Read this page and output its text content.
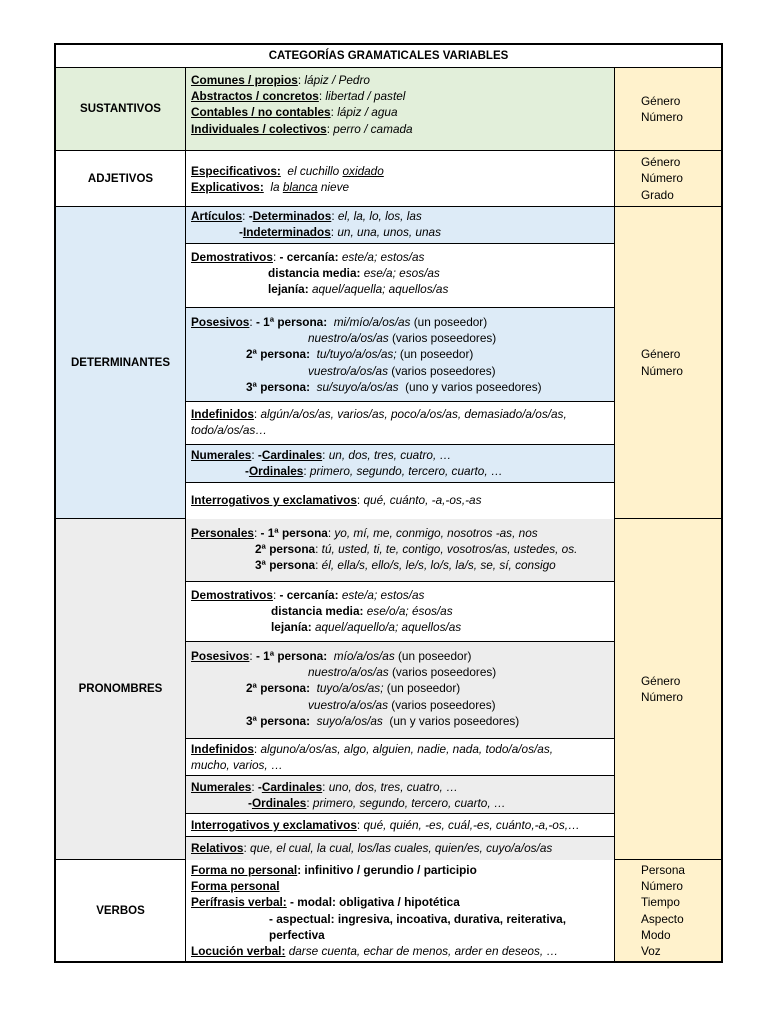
CATEGORÍAS GRAMATICALES VARIABLES
SUSTANTIVOS
Comunes / propios: lápiz / Pedro
Abstractos / concretos: libertad / pastel
Contables / no contables: lápiz / agua
Individuales / colectivos: perro / camada
Género
Número
ADJETIVOS
Especificativos: el cuchillo oxidado
Explicativos: la blanca nieve
Género
Número
Grado
DETERMINANTES
Artículos: -Determinados: el, la, lo, los, las
-Indeterminados: un, una, unos, unas
Demostrativos: - cercanía: este/a; estos/as
distancia media: ese/a; esos/as
lejanía: aquel/aquella; aquellos/as
Posesivos: - 1ª persona: mi/mío/a/os/as (un poseedor)
nuestro/a/os/as (varios poseedores)
2ª persona: tu/tuyo/a/os/as; (un poseedor)
vuestro/a/os/as (varios poseedores)
3ª persona: su/suyo/a/os/as (uno y varios poseedores)
Indefinidos: algún/a/os/as, varios/as, poco/a/os/as, demasiado/a/os/as,
todo/a/os/as…
Numerales: -Cardinales: un, dos, tres, cuatro, …
-Ordinales: primero, segundo, tercero, cuarto, …
Interrogativos y exclamativos: qué, cuánto, -a,-os,-as
Género
Número
PRONOMBRES
Personales: - 1ª persona: yo, mí, me, conmigo, nosotros -as, nos
2ª persona: tú, usted, ti, te, contigo, vosotros/as, ustedes, os.
3ª persona: él, ella/s, ello/s, le/s, lo/s, la/s, se, sí, consigo
Demostrativos: - cercanía: este/a; estos/as
distancia media: ese/o/a; ésos/as
lejanía: aquel/aquello/a; aquellos/as
Posesivos: - 1ª persona: mío/a/os/as (un poseedor)
nuestro/a/os/as (varios poseedores)
2ª persona: tuyo/a/os/as; (un poseedor)
vuestro/a/os/as (varios poseedores)
3ª persona: suyo/a/os/as (un y varios poseedores)
Indefinidos: alguno/a/os/as, algo, alguien, nadie, nada, todo/a/os/as,
mucho, varios, …
Numerales: -Cardinales: uno, dos, tres, cuatro, …
-Ordinales: primero, segundo, tercero, cuarto, …
Interrogativos y exclamativos: qué, quién, -es, cuál,-es, cuánto,-a,-os,…
Relativos: que, el cual, la cual, los/las cuales, quien/es, cuyo/a/os/as
Género
Número
VERBOS
Forma no personal: infinitivo / gerundio / participio
Forma personal
Perífrasis verbal: - modal: obligativa / hipotética
- aspectual: ingresiva, incoativa, durativa, reiterativa,
perfectiva
Locución verbal: darse cuenta, echar de menos, arder en deseos, …
Persona
Número
Tiempo
Aspecto
Modo
Voz
